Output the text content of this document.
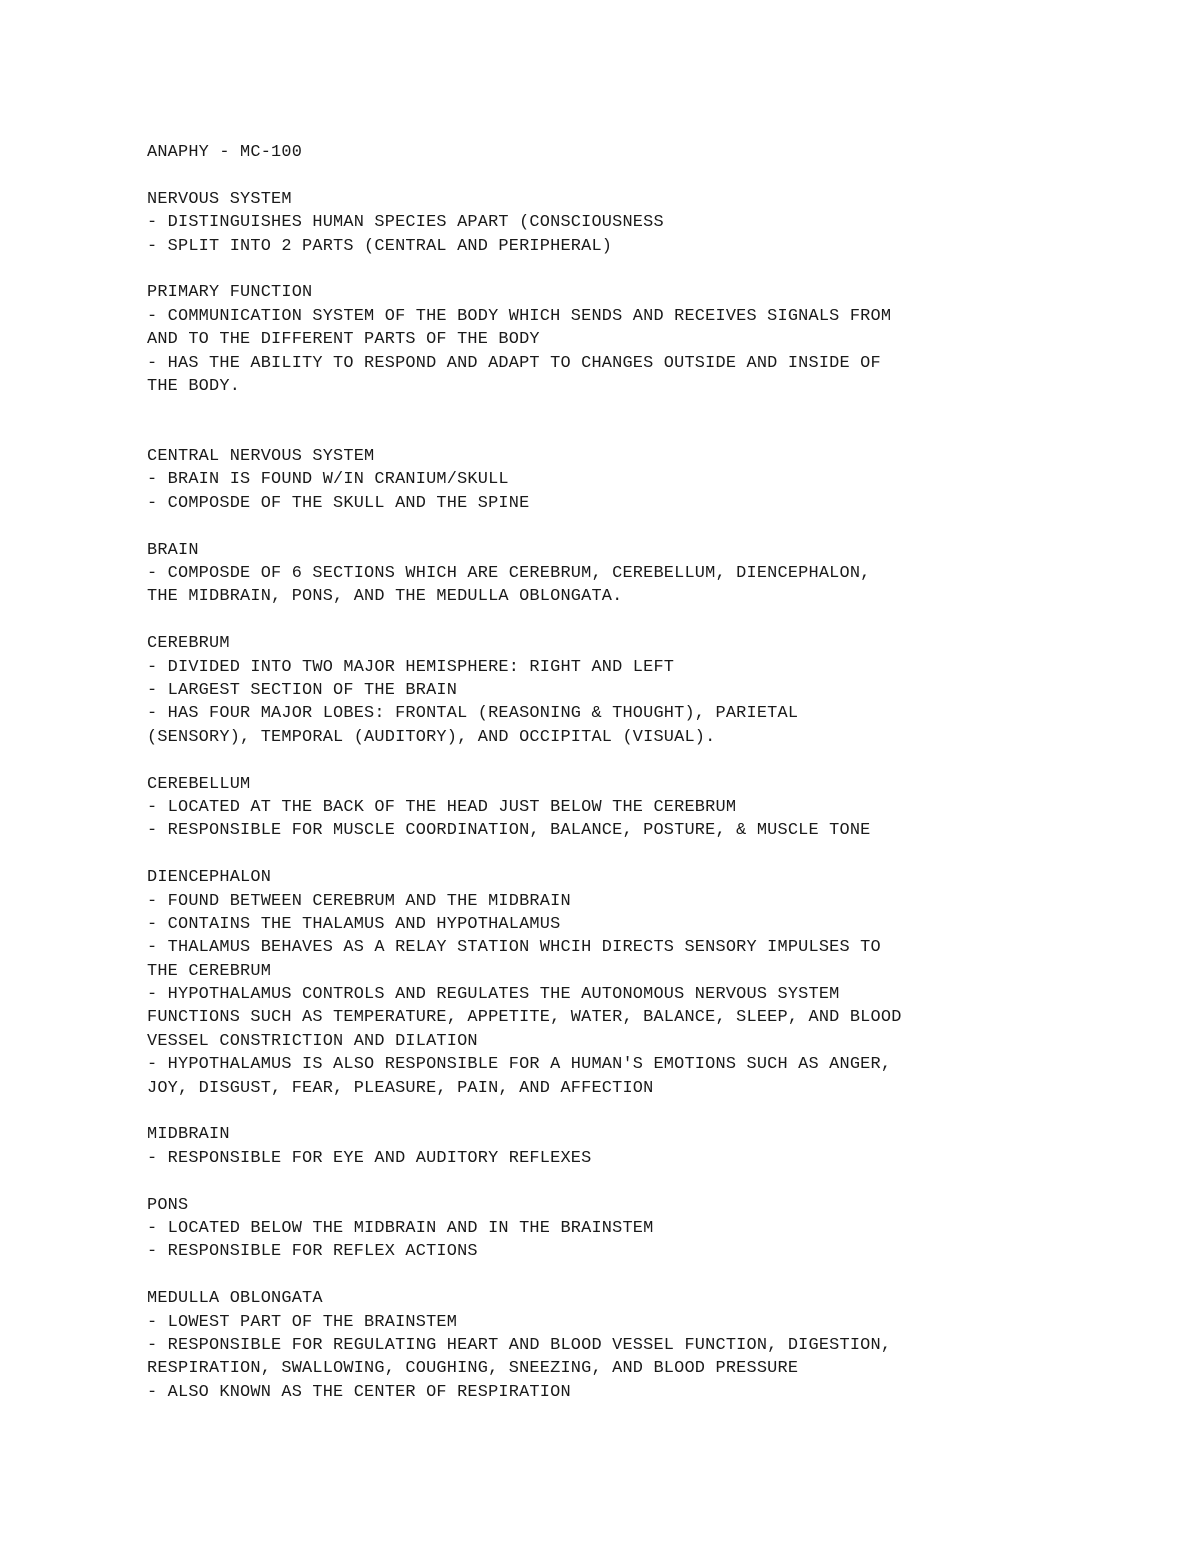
ANAPHY - MC-100
NERVOUS SYSTEM
- DISTINGUISHES HUMAN SPECIES APART (CONSCIOUSNESS
- SPLIT INTO 2 PARTS (CENTRAL AND PERIPHERAL)
PRIMARY FUNCTION
- COMMUNICATION SYSTEM OF THE BODY WHICH SENDS AND RECEIVES SIGNALS FROM
AND TO THE DIFFERENT PARTS OF THE BODY
- HAS THE ABILITY TO RESPOND AND ADAPT TO CHANGES OUTSIDE AND INSIDE OF
THE BODY.
CENTRAL NERVOUS SYSTEM
- BRAIN IS FOUND W/IN CRANIUM/SKULL
- COMPOSDE OF THE SKULL AND THE SPINE
BRAIN
- COMPOSDE OF 6 SECTIONS WHICH ARE CEREBRUM, CEREBELLUM, DIENCEPHALON,
THE MIDBRAIN, PONS, AND THE MEDULLA OBLONGATA.
CEREBRUM
- DIVIDED INTO TWO MAJOR HEMISPHERE: RIGHT AND LEFT
- LARGEST SECTION OF THE BRAIN
- HAS FOUR MAJOR LOBES: FRONTAL (REASONING & THOUGHT), PARIETAL
(SENSORY), TEMPORAL (AUDITORY), AND OCCIPITAL (VISUAL).
CEREBELLUM
- LOCATED AT THE BACK OF THE HEAD JUST BELOW THE CEREBRUM
- RESPONSIBLE FOR MUSCLE COORDINATION, BALANCE, POSTURE, & MUSCLE TONE
DIENCEPHALON
- FOUND BETWEEN CEREBRUM AND THE MIDBRAIN
- CONTAINS THE THALAMUS AND HYPOTHALAMUS
- THALAMUS BEHAVES AS A RELAY STATION WHCIH DIRECTS SENSORY IMPULSES TO
THE CEREBRUM
- HYPOTHALAMUS CONTROLS AND REGULATES THE AUTONOMOUS NERVOUS SYSTEM
FUNCTIONS SUCH AS TEMPERATURE, APPETITE, WATER, BALANCE, SLEEP, AND BLOOD
VESSEL CONSTRICTION AND DILATION
- HYPOTHALAMUS IS ALSO RESPONSIBLE FOR A HUMAN'S EMOTIONS SUCH AS ANGER,
JOY, DISGUST, FEAR, PLEASURE, PAIN, AND AFFECTION
MIDBRAIN
- RESPONSIBLE FOR EYE AND AUDITORY REFLEXES
PONS
- LOCATED BELOW THE MIDBRAIN AND IN THE BRAINSTEM
- RESPONSIBLE FOR REFLEX ACTIONS
MEDULLA OBLONGATA
- LOWEST PART OF THE BRAINSTEM
- RESPONSIBLE FOR REGULATING HEART AND BLOOD VESSEL FUNCTION, DIGESTION,
RESPIRATION, SWALLOWING, COUGHING, SNEEZING, AND BLOOD PRESSURE
- ALSO KNOWN AS THE CENTER OF RESPIRATION
